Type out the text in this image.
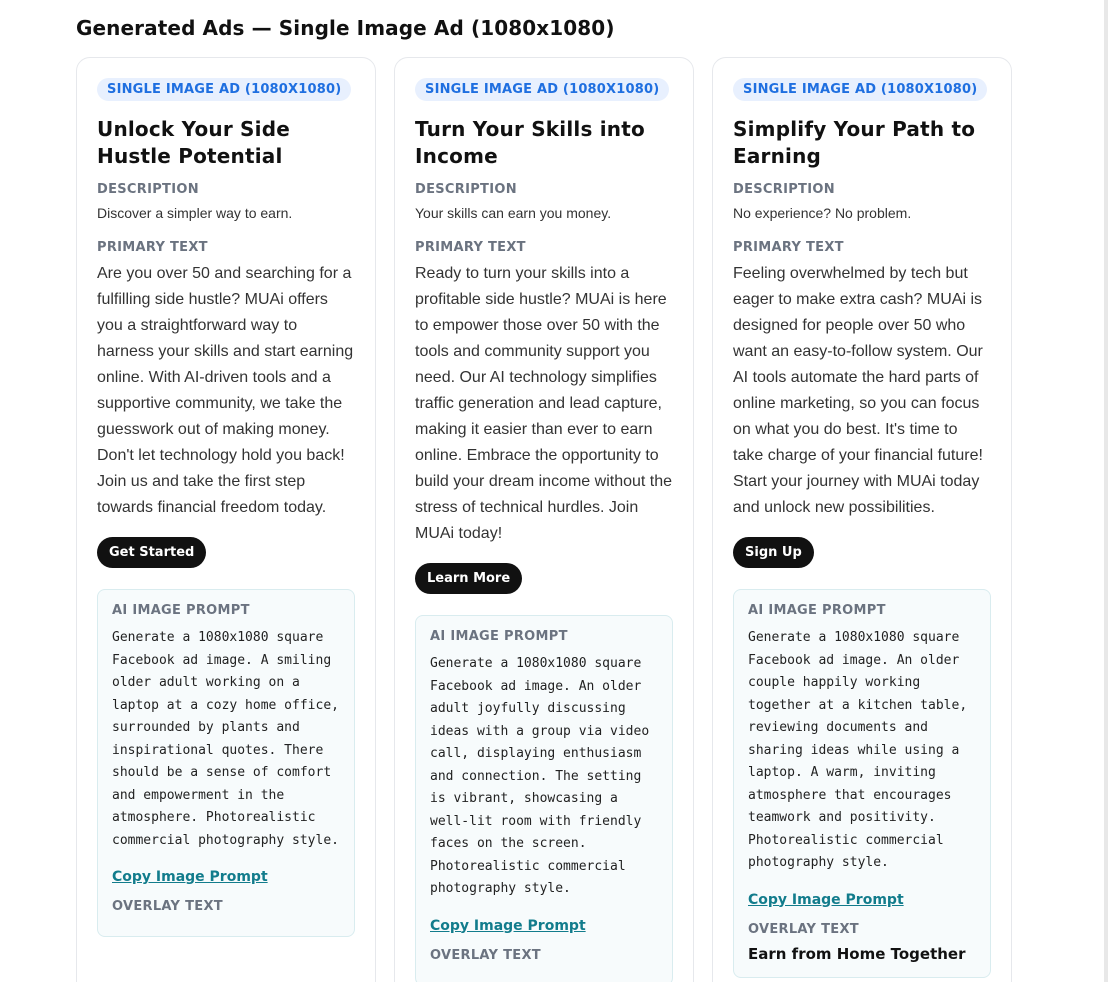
Generated Ads — Single Image Ad (1080x1080)
SINGLE IMAGE AD (1080X1080)
Unlock Your Side Hustle Potential
DESCRIPTION
Discover a simpler way to earn.
PRIMARY TEXT
Are you over 50 and searching for a fulfilling side hustle? MUAi offers you a straightforward way to harness your skills and start earning online. With AI-driven tools and a supportive community, we take the guesswork out of making money. Don't let technology hold you back! Join us and take the first step towards financial freedom today.
Get Started
AI IMAGE PROMPT
Generate a 1080x1080 square Facebook ad image. A smiling older adult working on a laptop at a cozy home office, surrounded by plants and inspirational quotes. There should be a sense of comfort and empowerment in the atmosphere. Photorealistic commercial photography style.
Copy Image Prompt
OVERLAY TEXT
SINGLE IMAGE AD (1080X1080)
Turn Your Skills into Income
DESCRIPTION
Your skills can earn you money.
PRIMARY TEXT
Ready to turn your skills into a profitable side hustle? MUAi is here to empower those over 50 with the tools and community support you need. Our AI technology simplifies traffic generation and lead capture, making it easier than ever to earn online. Embrace the opportunity to build your dream income without the stress of technical hurdles. Join MUAi today!
Learn More
AI IMAGE PROMPT
Generate a 1080x1080 square Facebook ad image. An older adult joyfully discussing ideas with a group via video call, displaying enthusiasm and connection. The setting is vibrant, showcasing a well-lit room with friendly faces on the screen. Photorealistic commercial photography style.
Copy Image Prompt
OVERLAY TEXT
SINGLE IMAGE AD (1080X1080)
Simplify Your Path to Earning
DESCRIPTION
No experience? No problem.
PRIMARY TEXT
Feeling overwhelmed by tech but eager to make extra cash? MUAi is designed for people over 50 who want an easy-to-follow system. Our AI tools automate the hard parts of online marketing, so you can focus on what you do best. It's time to take charge of your financial future! Start your journey with MUAi today and unlock new possibilities.
Sign Up
AI IMAGE PROMPT
Generate a 1080x1080 square Facebook ad image. An older couple happily working together at a kitchen table, reviewing documents and sharing ideas while using a laptop. A warm, inviting atmosphere that encourages teamwork and positivity. Photorealistic commercial photography style.
Copy Image Prompt
OVERLAY TEXT
Earn from Home Together
